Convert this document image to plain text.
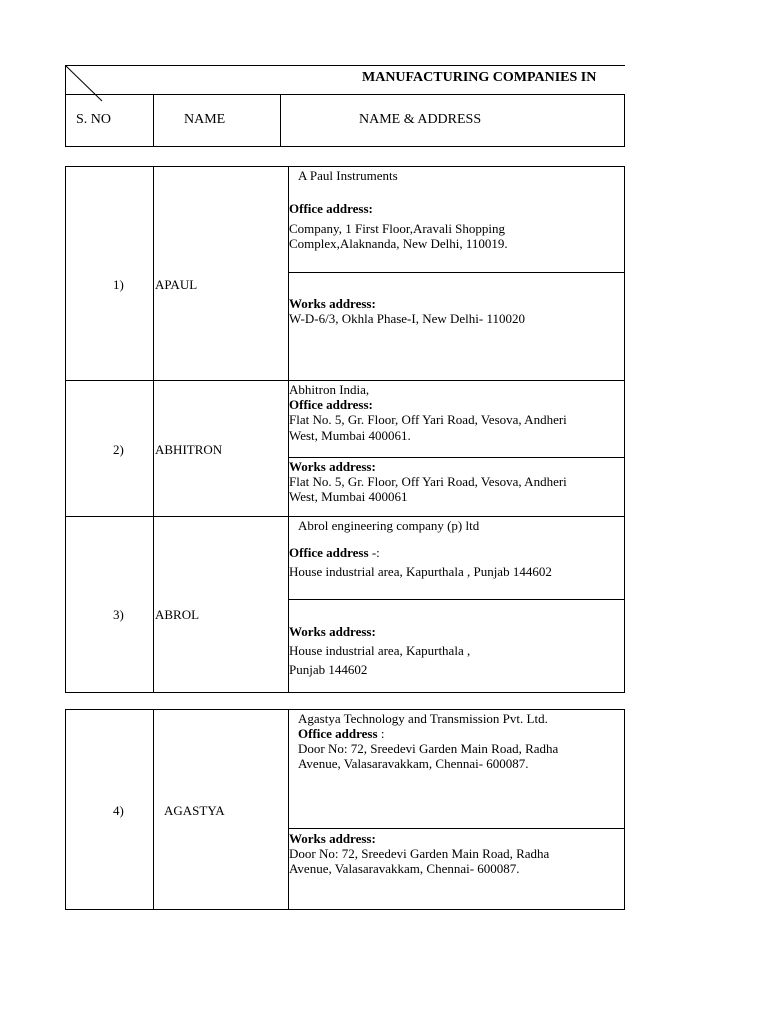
MANUFACTURING COMPANIES IN
S. NO	NAME	NAME & ADDRESS
1) APAUL
A Paul Instruments
Office address:
Company, 1 First Floor,Aravali Shopping
Complex,Alaknanda, New Delhi, 110019.
Works address:
W-D-6/3, Okhla Phase-I, New Delhi- 110020
2) ABHITRON
Abhitron India,
Office address:
Flat No. 5, Gr. Floor, Off Yari Road, Vesova, Andheri
West, Mumbai 400061.
Works address:
Flat No. 5, Gr. Floor, Off Yari Road, Vesova, Andheri
West, Mumbai 400061
3) ABROL
Abrol engineering company (p) ltd
Office address -:
House industrial area, Kapurthala , Punjab 144602
Works address:
House industrial area, Kapurthala ,
Punjab 144602
4)	AGASTYA
Agastya Technology and Transmission Pvt. Ltd.
Office address :
Door No: 72, Sreedevi Garden Main Road, Radha
Avenue, Valasaravakkam, Chennai- 600087.
Works address:
Door No: 72, Sreedevi Garden Main Road, Radha
Avenue, Valasaravakkam, Chennai- 600087.
